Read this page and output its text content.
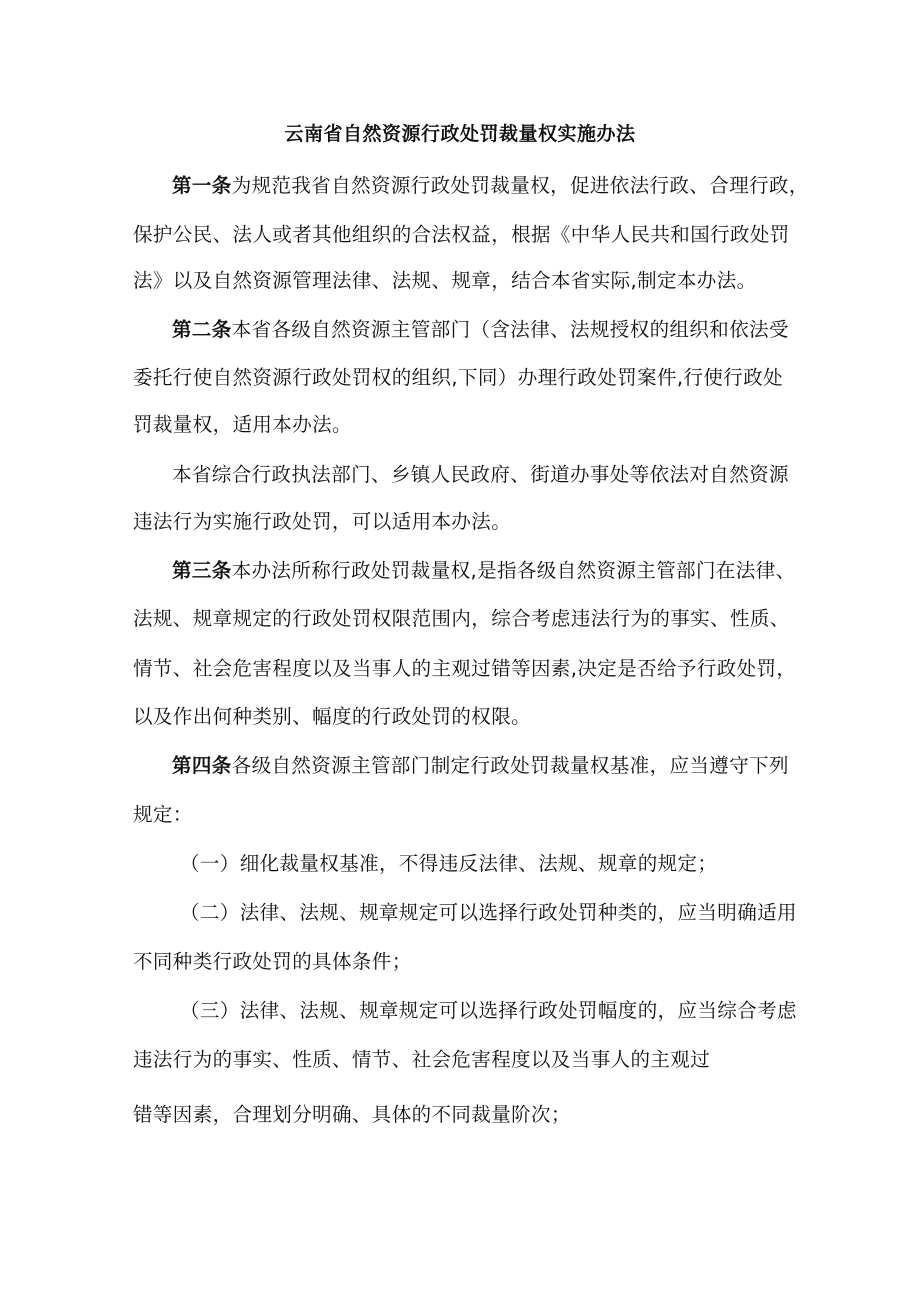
云南省自然资源行政处罚裁量权实施办法
第一条为规范我省自然资源行政处罚裁量权，促进依法行政、合理行政，
保护公民、法人或者其他组织的合法权益，根据《中华人民共和国行政处罚
法》以及自然资源管理法律、法规、规章，结合本省实际,制定本办法。
第二条本省各级自然资源主管部门（含法律、法规授权的组织和依法受
委托行使自然资源行政处罚权的组织,下同）办理行政处罚案件,行使行政处
罚裁量权，适用本办法。
本省综合行政执法部门、乡镇人民政府、街道办事处等依法对自然资源
违法行为实施行政处罚，可以适用本办法。
第三条本办法所称行政处罚裁量权,是指各级自然资源主管部门在法律、
法规、规章规定的行政处罚权限范围内，综合考虑违法行为的事实、性质、
情节、社会危害程度以及当事人的主观过错等因素,决定是否给予行政处罚，
以及作出何种类别、幅度的行政处罚的权限。
第四条各级自然资源主管部门制定行政处罚裁量权基准，应当遵守下列
规定：
（一）细化裁量权基准，不得违反法律、法规、规章的规定；
（二）法律、法规、规章规定可以选择行政处罚种类的，应当明确适用
不同种类行政处罚的具体条件；
（三）法律、法规、规章规定可以选择行政处罚幅度的，应当综合考虑
违法行为的事实、性质、情节、社会危害程度以及当事人的主观过
错等因素，合理划分明确、具体的不同裁量阶次；
